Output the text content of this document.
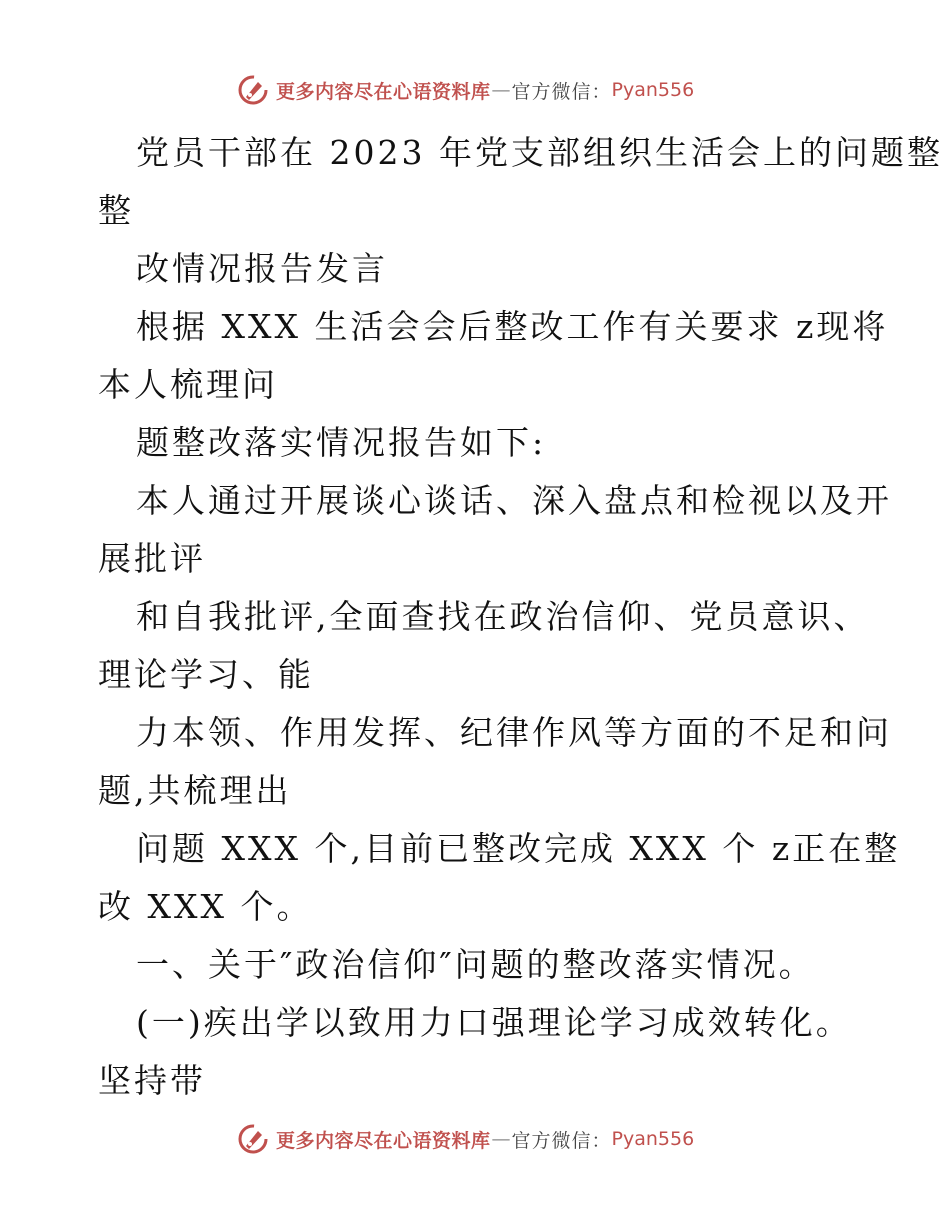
更多内容尽在心语资料库 — 官方微信： Pyan556
党员干部在 2023 年党支部组织生活会上的问题整
整
改情况报告发言
根据 XXX 生活会会后整改工作有关要求 z现将
本人梳理问
题整改落实情况报告如下:
本人通过开展谈心谈话、深入盘点和检视以及开
展批评
和自我批评,全面查找在政治信仰、党员意识、
理论学习、能
力本领、作用发挥、纪律作风等方面的不足和问
题,共梳理出
问题 XXX 个,目前已整改完成 XXX 个 z正在整
改 XXX 个。
一、关于″政治信仰″问题的整改落实情况。
(一)疾出学以致用力口强理论学习成效转化。
坚持带
更多内容尽在心语资料库 — 官方微信： Pyan556
